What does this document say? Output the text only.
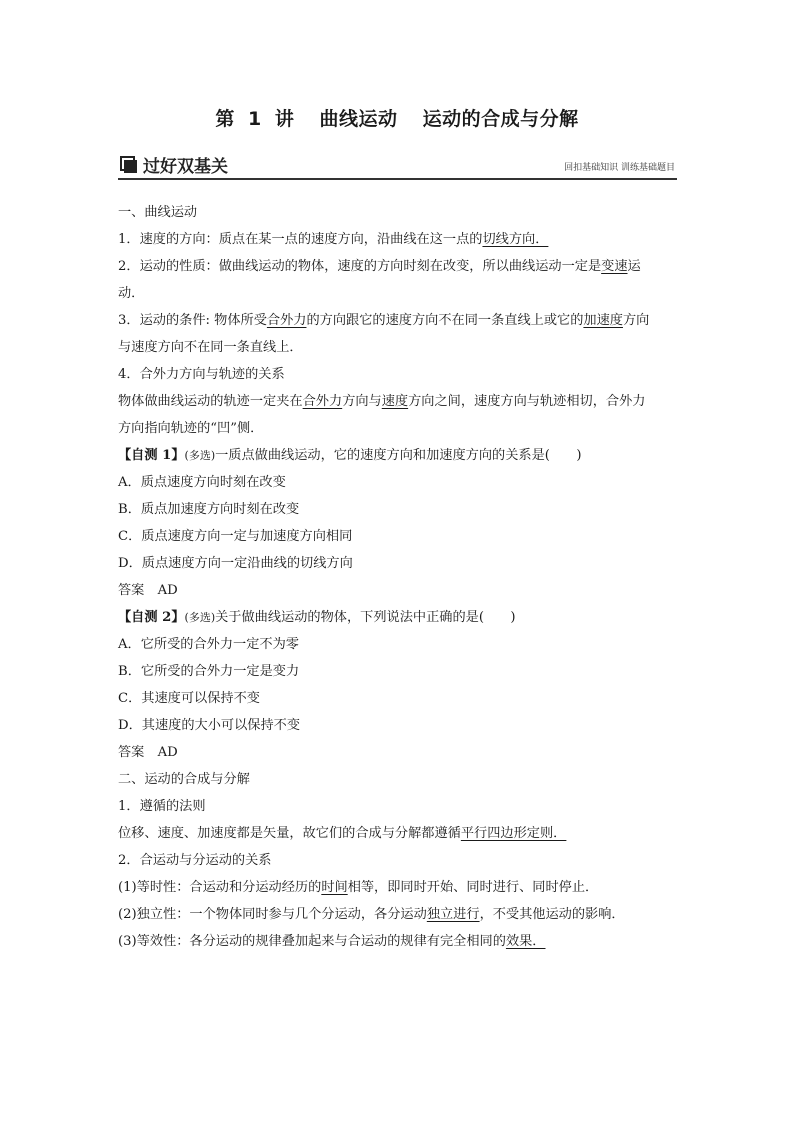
第 1 讲 曲线运动 运动的合成与分解
过好双基关	回扣基础知识 训练基础题目

一、曲线运动

1．速度的方向：质点在某一点的速度方向，沿曲线在这一点的切线方向．

2．运动的性质：做曲线运动的物体，速度的方向时刻在改变，所以曲线运动一定是变速运

动．

3．运动的条件: 物体所受合外力的方向跟它的速度方向不在同一条直线上或它的加速度方向

与速度方向不在同一条直线上．

4．合外力方向与轨迹的关系

物体做曲线运动的轨迹一定夹在合外力方向与速度方向之间，速度方向与轨迹相切，合外力

方向指向轨迹的“凹”侧．

【自测 1】(多选)一质点做曲线运动，它的速度方向和加速度方向的关系是(　　)

A．质点速度方向时刻在改变

B．质点加速度方向时刻在改变

C．质点速度方向一定与加速度方向相同

D．质点速度方向一定沿曲线的切线方向

答案　 AD

【自测 2】(多选)关于做曲线运动的物体，下列说法中正确的是(　　)

A．它所受的合外力一定不为零

B．它所受的合外力一定是变力

C．其速度可以保持不变

D．其速度的大小可以保持不变

答案　 AD

二、运动的合成与分解

1．遵循的法则

位移、速度、加速度都是矢量，故它们的合成与分解都遵循平行四边形定则．

2．合运动与分运动的关系

(1)等时性：合运动和分运动经历的时间相等，即同时开始、同时进行、同时停止．

(2)独立性：一个物体同时参与几个分运动，各分运动独立进行，不受其他运动的影响．

(3)等效性：各分运动的规律叠加起来与合运动的规律有完全相同的效果．
